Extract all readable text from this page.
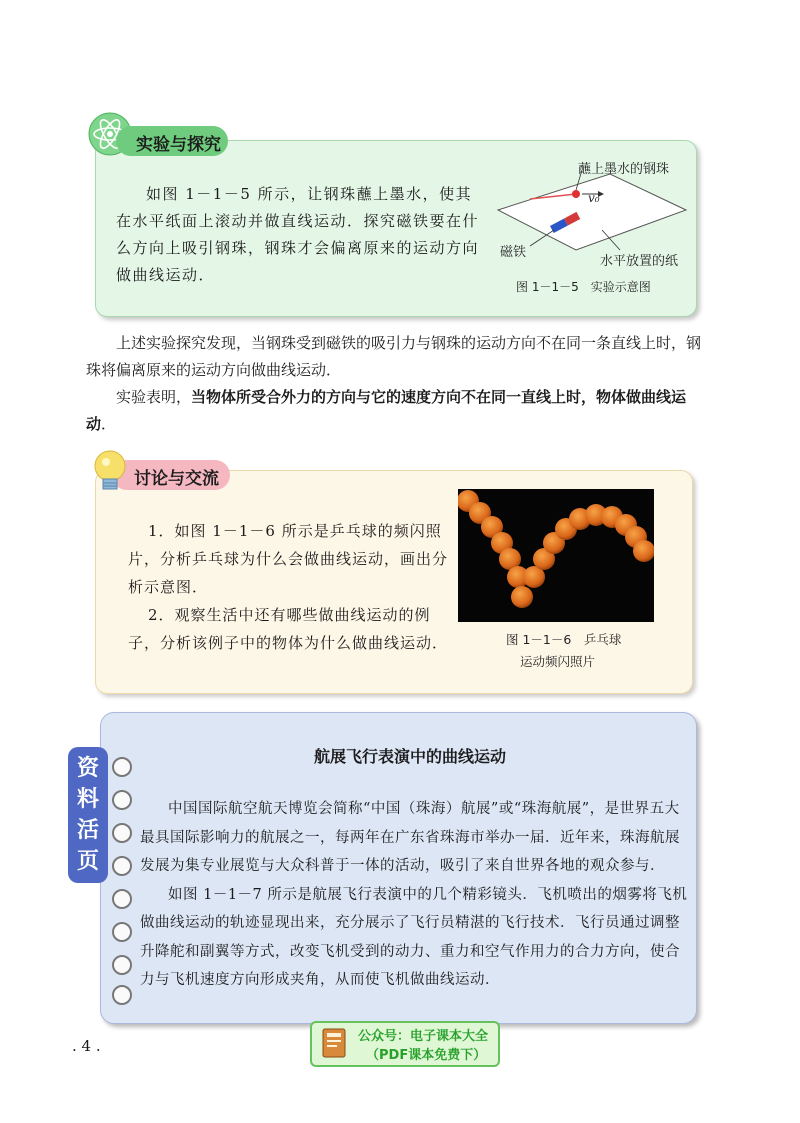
实验与探究

如图 1－1－5 所示，让钢珠蘸上墨水，使其在水平纸面上滚动并做直线运动．探究磁铁要在什么方向上吸引钢珠，钢珠才会偏离原来的运动方向做曲线运动．

蘸上墨水的钢珠
v₀
磁铁
水平放置的纸
图 1－1－5　实验示意图

上述实验探究发现，当钢珠受到磁铁的吸引力与钢珠的运动方向不在同一条直线上时，钢珠将偏离原来的运动方向做曲线运动．

实验表明，当物体所受合外力的方向与它的速度方向不在同一直线上时，物体做曲线运动．

讨论与交流

1．如图 1－1－6 所示是乒乓球的频闪照片，分析乒乓球为什么会做曲线运动，画出分析示意图．

2．观察生活中还有哪些做曲线运动的例子，分析该例子中的物体为什么做曲线运动．	图 1－1－6　乒乓球
运动频闪照片
资料活页
航展飞行表演中的曲线运动

中国国际航空航天博览会简称“中国（珠海）航展”或“珠海航展”，是世界五大最具国际影响力的航展之一，每两年在广东省珠海市举办一届．近年来，珠海航展发展为集专业展览与大众科普于一体的活动，吸引了来自世界各地的观众参与．

如图 1－1－7 所示是航展飞行表演中的几个精彩镜头．飞机喷出的烟雾将飞机做曲线运动的轨迹显现出来，充分展示了飞行员精湛的飞行技术．飞行员通过调整升降舵和副翼等方式，改变飞机受到的动力、重力和空气作用力的合力方向，使合力与飞机速度方向形成夹角，从而使飞机做曲线运动．

. 4 .
公众号：电子课本大全
（PDF课本免费下）
